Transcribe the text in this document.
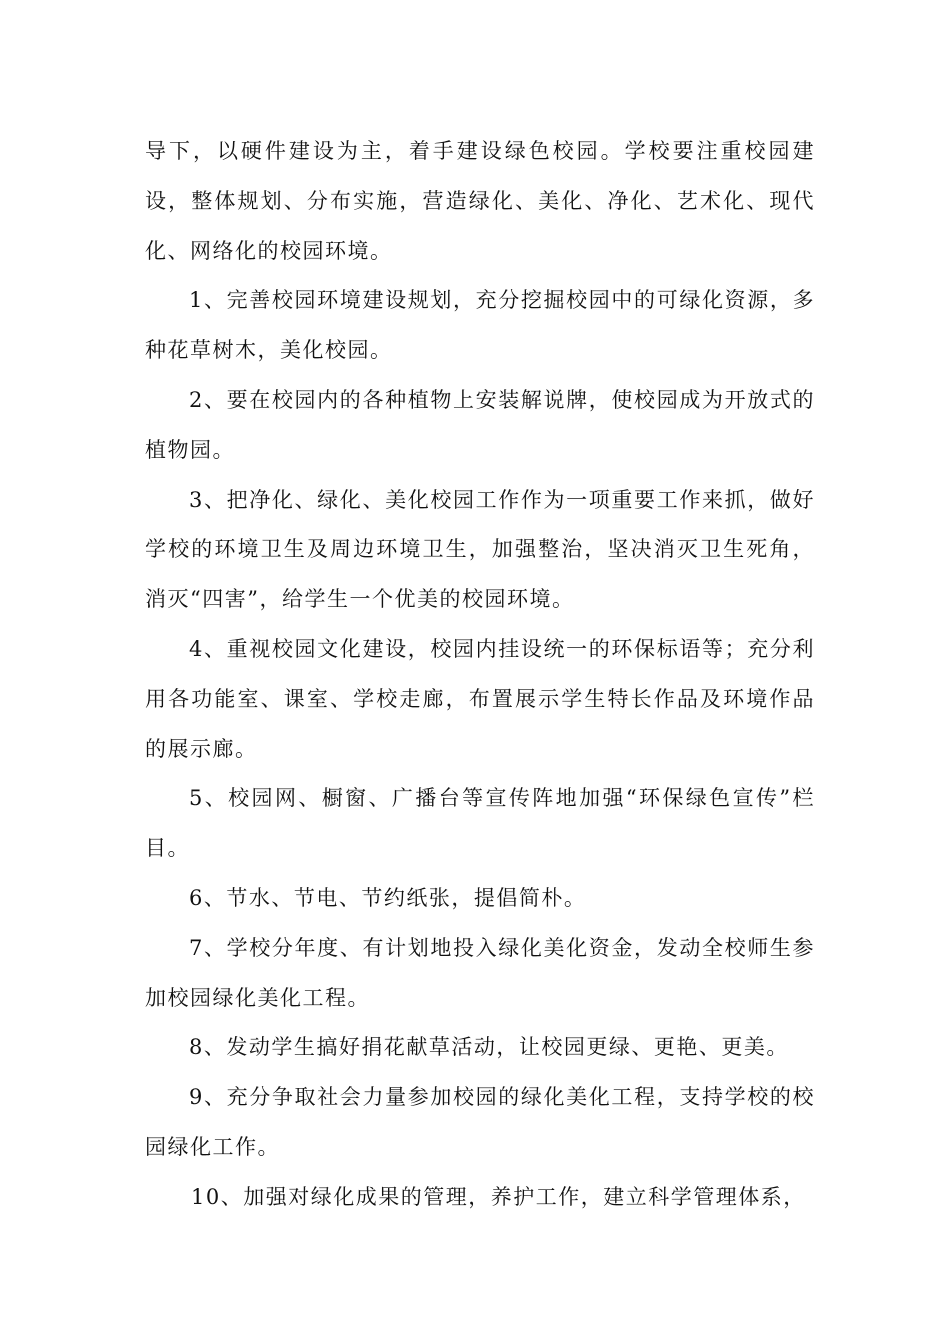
导下，以硬件建设为主，着手建设绿色校园。学校要注重校园建设，整体规划、分布实施，营造绿化、美化、净化、艺术化、现代化、网络化的校园环境。

1、完善校园环境建设规划，充分挖掘校园中的可绿化资源，多种花草树木，美化校园。

2、要在校园内的各种植物上安装解说牌，使校园成为开放式的植物园。

3、把净化、绿化、美化校园工作作为一项重要工作来抓，做好学校的环境卫生及周边环境卫生，加强整治，坚决消灭卫生死角，消灭“四害”，给学生一个优美的校园环境。

4、重视校园文化建设，校园内挂设统一的环保标语等；充分利用各功能室、课室、学校走廊，布置展示学生特长作品及环境作品的展示廊。

5、校园网、橱窗、广播台等宣传阵地加强“环保绿色宣传”栏目。

6、节水、节电、节约纸张，提倡简朴。

7、学校分年度、有计划地投入绿化美化资金，发动全校师生参加校园绿化美化工程。

8、发动学生搞好捐花献草活动，让校园更绿、更艳、更美。

9、充分争取社会力量参加校园的绿化美化工程，支持学校的校园绿化工作。

10、加强对绿化成果的管理，养护工作，建立科学管理体系，
